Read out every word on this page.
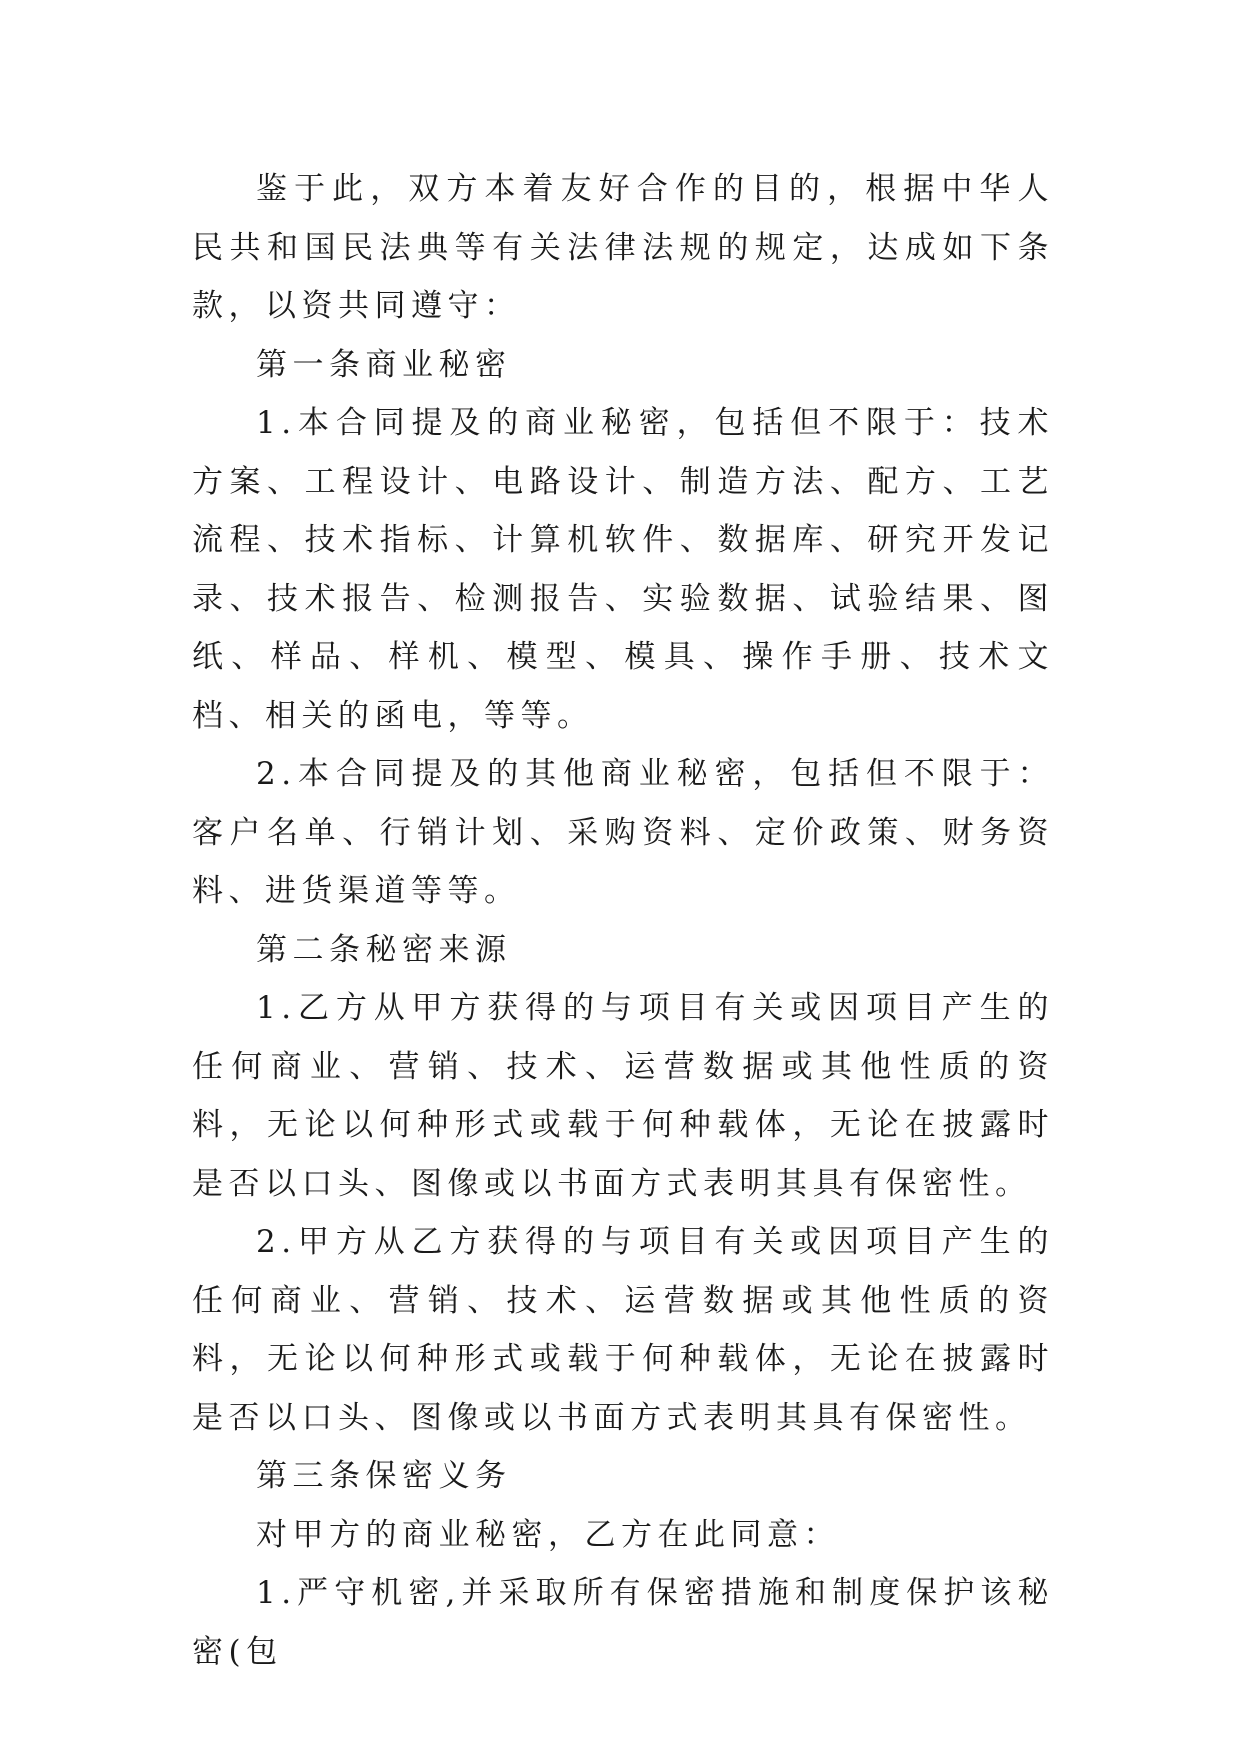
鉴于此，双方本着友好合作的目的，根据中华人民共和国民法典等有关法律法规的规定，达成如下条款，以资共同遵守：

第一条商业秘密

1.本合同提及的商业秘密，包括但不限于：技术方案、工程设计、电路设计、制造方法、配方、工艺流程、技术指标、计算机软件、数据库、研究开发记录、技术报告、检测报告、实验数据、试验结果、图纸、样品、样机、模型、模具、操作手册、技术文档、相关的函电，等等。

2.本合同提及的其他商业秘密，包括但不限于：客户名单、行销计划、采购资料、定价政策、财务资料、进货渠道等等。

第二条秘密来源

1.乙方从甲方获得的与项目有关或因项目产生的任何商业、营销、技术、运营数据或其他性质的资料，无论以何种形式或载于何种载体，无论在披露时是否以口头、图像或以书面方式表明其具有保密性。

2.甲方从乙方获得的与项目有关或因项目产生的任何商业、营销、技术、运营数据或其他性质的资料，无论以何种形式或载于何种载体，无论在披露时是否以口头、图像或以书面方式表明其具有保密性。

第三条保密义务

对甲方的商业秘密，乙方在此同意：

1.严守机密,并采取所有保密措施和制度保护该秘密(包
